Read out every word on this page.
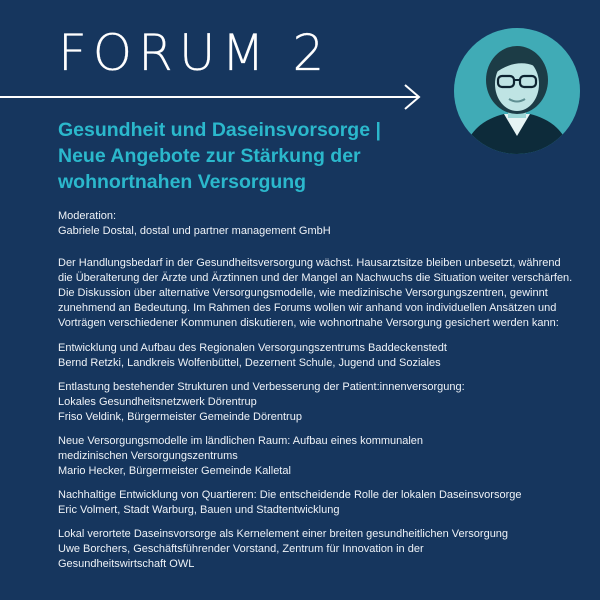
FORUM 2
Gesundheit und Daseinsvorsorge |
Neue Angebote zur Stärkung der
wohnortnahen Versorgung
Moderation:
Gabriele Dostal, dostal und partner management GmbH
Der Handlungsbedarf in der Gesundheitsversorgung wächst. Hausarztsitze bleiben unbesetzt, während
die Überalterung der Ärzte und Ärztinnen und der Mangel an Nachwuchs die Situation weiter verschärfen.
Die Diskussion über alternative Versorgungsmodelle, wie medizinische Versorgungszentren, gewinnt
zunehmend an Bedeutung. Im Rahmen des Forums wollen wir anhand von individuellen Ansätzen und
Vorträgen verschiedener Kommunen diskutieren, wie wohnortnahe Versorgung gesichert werden kann:
Entwicklung und Aufbau des Regionalen Versorgungszentrums Baddeckenstedt
Bernd Retzki, Landkreis Wolfenbüttel, Dezernent Schule, Jugend und Soziales
Entlastung bestehender Strukturen und Verbesserung der Patient:innenversorgung:
Lokales Gesundheitsnetzwerk Dörentrup
Friso Veldink, Bürgermeister Gemeinde Dörentrup
Neue Versorgungsmodelle im ländlichen Raum: Aufbau eines kommunalen
medizinischen Versorgungszentrums
Mario Hecker, Bürgermeister Gemeinde Kalletal
Nachhaltige Entwicklung von Quartieren: Die entscheidende Rolle der lokalen Daseinsvorsorge
Eric Volmert, Stadt Warburg, Bauen und Stadtentwicklung
Lokal verortete Daseinsvorsorge als Kernelement einer breiten gesundheitlichen Versorgung
Uwe Borchers, Geschäftsführender Vorstand, Zentrum für Innovation in der
Gesundheitswirtschaft OWL
